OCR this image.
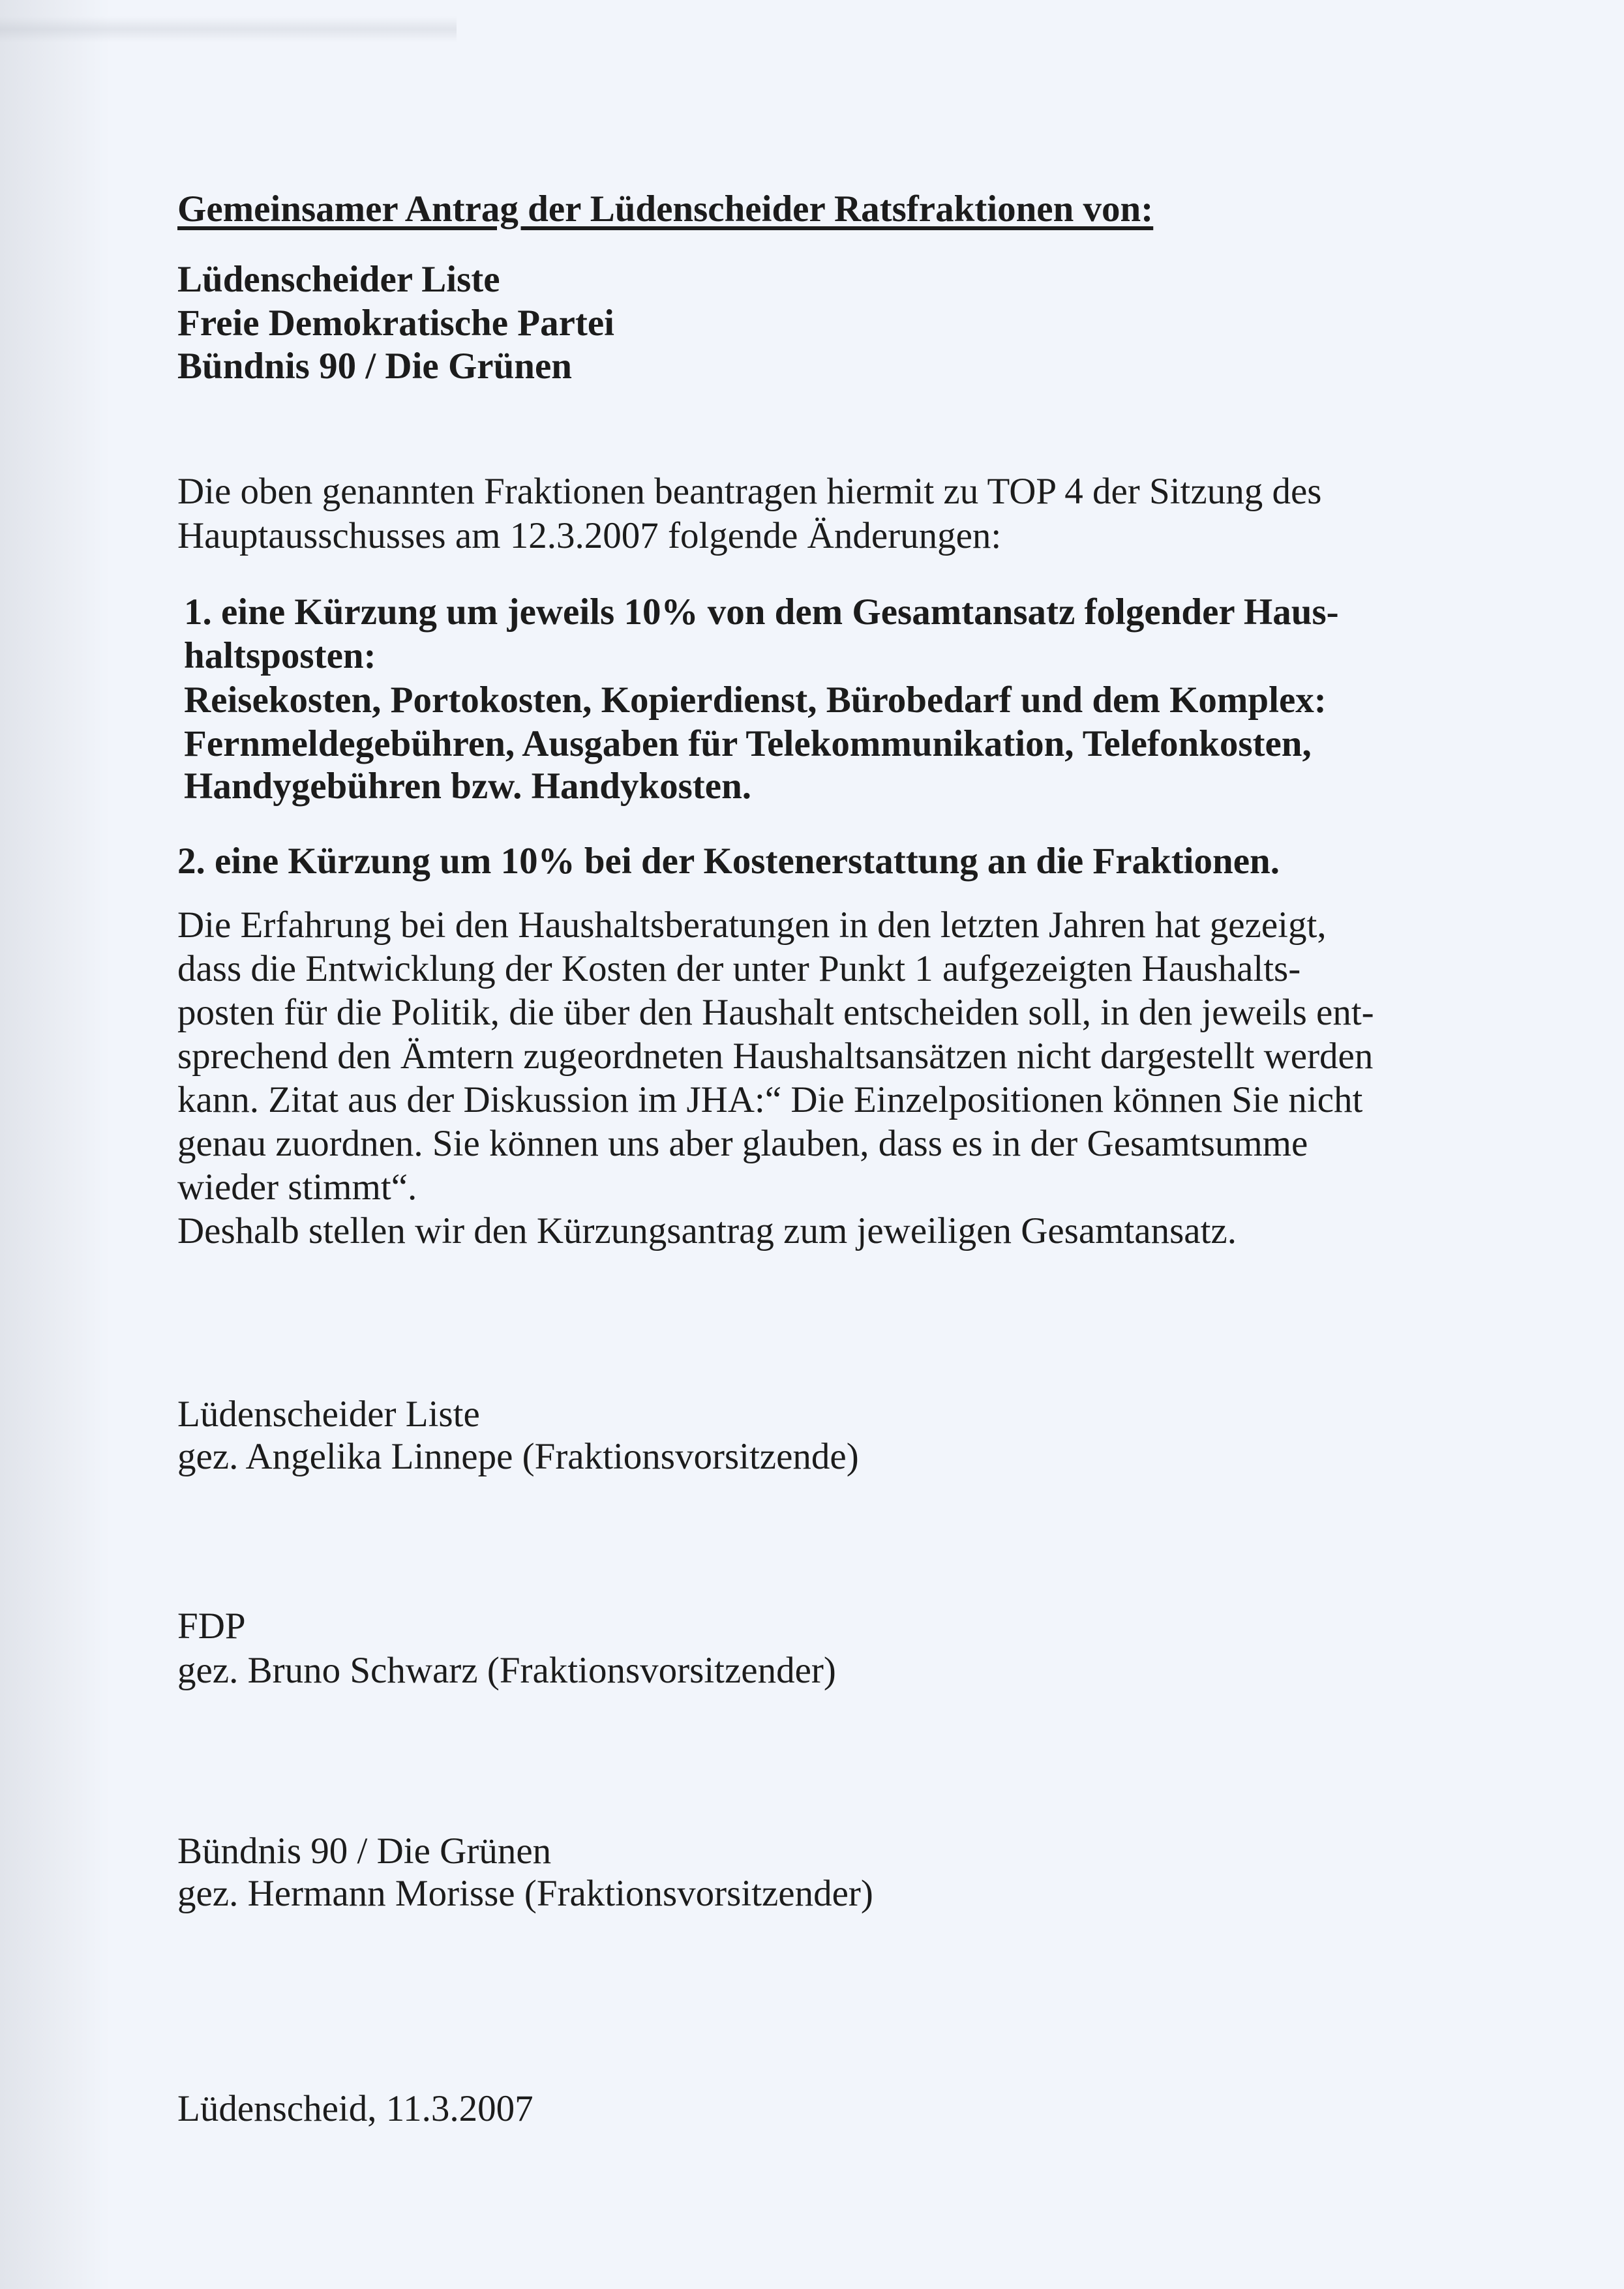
Gemeinsamer Antrag der Lüdenscheider Ratsfraktionen von:
Lüdenscheider Liste
Freie Demokratische Partei
Bündnis 90 / Die Grünen
Die oben genannten Fraktionen beantragen hiermit zu TOP 4 der Sitzung des
Hauptausschusses am 12.3.2007 folgende Änderungen:
1. eine Kürzung um jeweils 10% von dem Gesamtansatz folgender Haus-
haltsposten:
Reisekosten, Portokosten, Kopierdienst, Bürobedarf und dem Komplex:
Fernmeldegebühren, Ausgaben für Telekommunikation, Telefonkosten,
Handygebühren bzw. Handykosten.
2. eine Kürzung um 10% bei der Kostenerstattung an die Fraktionen.
Die Erfahrung bei den Haushaltsberatungen in den letzten Jahren hat gezeigt,
dass die Entwicklung der Kosten der unter Punkt 1 aufgezeigten Haushalts-
posten für die Politik, die über den Haushalt entscheiden soll, in den jeweils ent-
sprechend den Ämtern zugeordneten Haushaltsansätzen nicht dargestellt werden
kann. Zitat aus der Diskussion im JHA:“ Die Einzelpositionen können Sie nicht
genau zuordnen. Sie können uns aber glauben, dass es in der Gesamtsumme
wieder stimmt“.
Deshalb stellen wir den Kürzungsantrag zum jeweiligen Gesamtansatz.
Lüdenscheider Liste
gez. Angelika Linnepe (Fraktionsvorsitzende)
FDP
gez. Bruno Schwarz (Fraktionsvorsitzender)
Bündnis 90 / Die Grünen
gez. Hermann Morisse (Fraktionsvorsitzender)
Lüdenscheid, 11.3.2007
